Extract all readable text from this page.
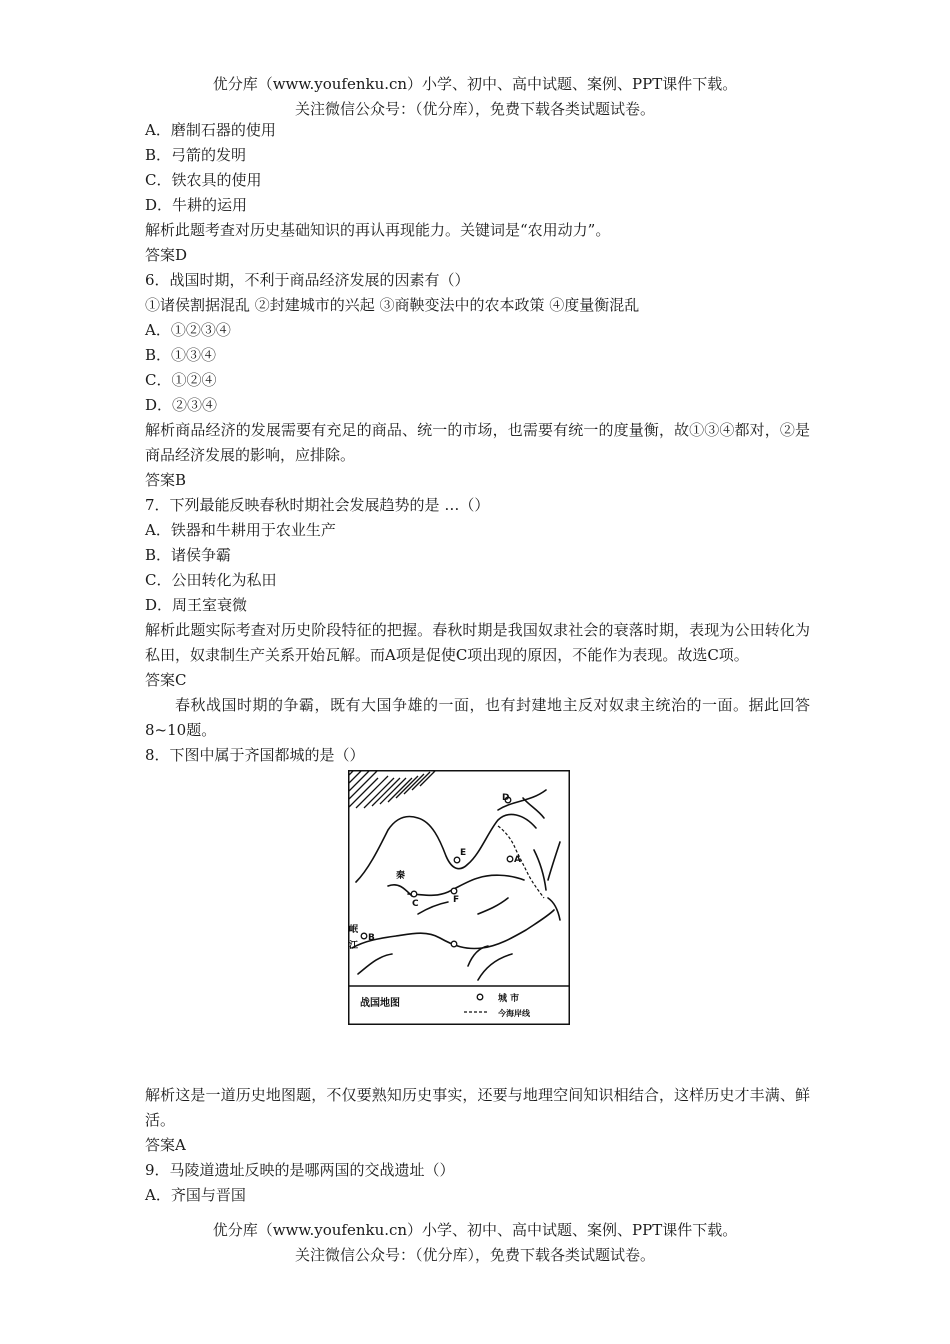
优分库（www.youfenku.cn）小学、初中、高中试题、案例、PPT课件下载。
关注微信公众号：（优分库），免费下载各类试题试卷。
A．磨制石器的使用
B．弓箭的发明
C．铁农具的使用
D．牛耕的运用
解析此题考查对历史基础知识的再认再现能力。关键词是“农用动力”。
答案D
6．战国时期，不利于商品经济发展的因素有（）
①诸侯割据混乱 ②封建城市的兴起 ③商鞅变法中的农本政策 ④度量衡混乱
A．①②③④
B．①③④
C．①②④
D．②③④
解析商品经济的发展需要有充足的商品、统一的市场，也需要有统一的度量衡，故①③④都对，②是商品经济发展的影响，应排除。
答案B
7．下列最能反映春秋时期社会发展趋势的是 …（）
A．铁器和牛耕用于农业生产
B．诸侯争霸
C．公田转化为私田
D．周王室衰微
解析此题实际考查对历史阶段特征的把握。春秋时期是我国奴隶社会的衰落时期，表现为公田转化为私田，奴隶制生产关系开始瓦解。而A项是促使C项出现的原因，不能作为表现。故选C项。
答案C
春秋战国时期的争霸，既有大国争雄的一面，也有封建地主反对奴隶主统治的一面。据此回答8~10题。
8．下图中属于齐国都城的是（）
D
E
A
F
C
B
秦
岷
江
战国地图	城 市
今海岸线
解析这是一道历史地图题，不仅要熟知历史事实，还要与地理空间知识相结合，这样历史才丰满、鲜活。
答案A
9．马陵道遗址反映的是哪两国的交战遗址（）
A．齐国与晋国
优分库（www.youfenku.cn）小学、初中、高中试题、案例、PPT课件下载。
关注微信公众号：（优分库），免费下载各类试题试卷。
